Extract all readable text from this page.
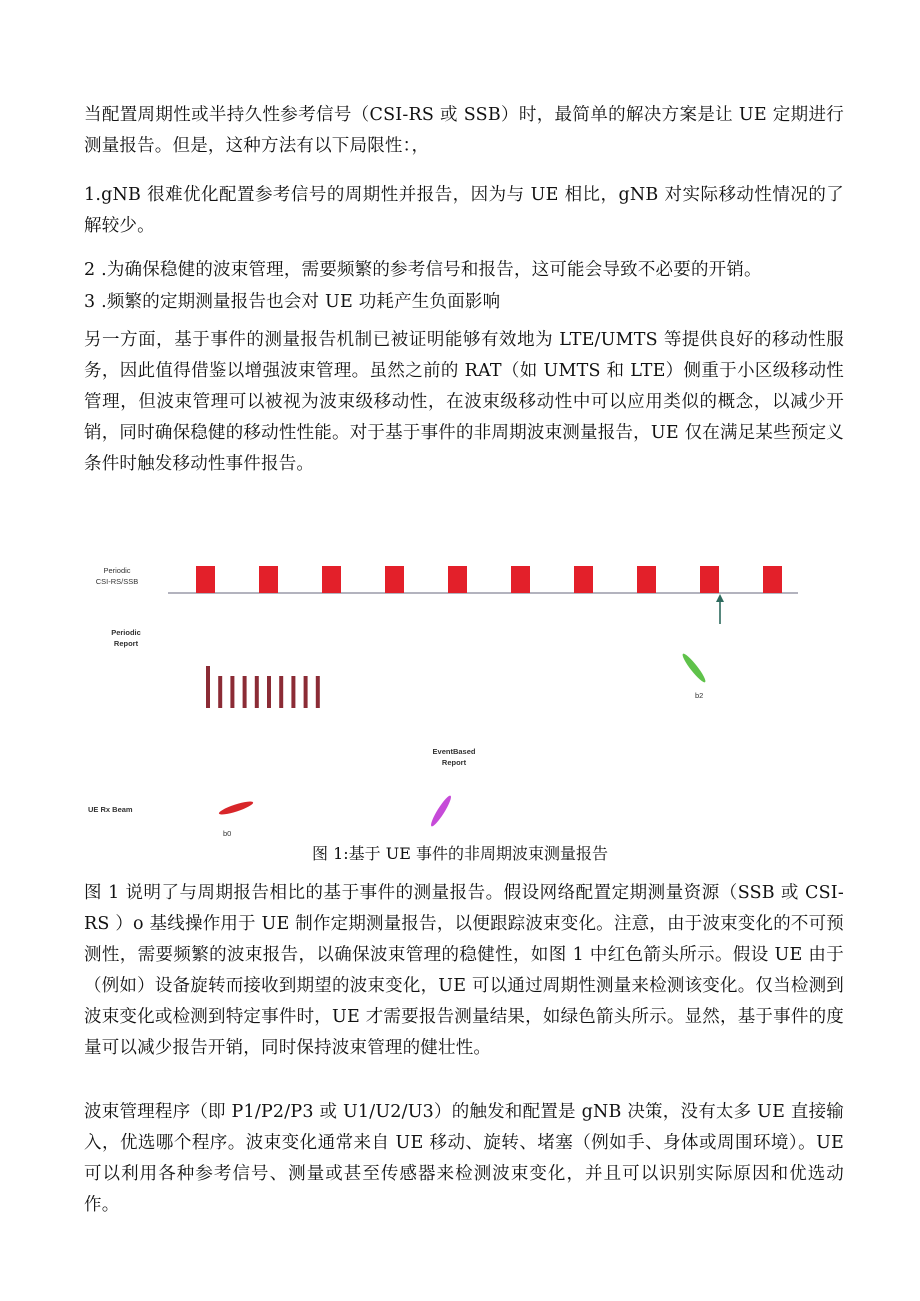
当配置周期性或半持久性参考信号（CSI-RS 或 SSB）时，最简单的解决方案是让 UE 定期进行测量报告。但是，这种方法有以下局限性：，

1.gNB 很难优化配置参考信号的周期性并报告，因为与 UE 相比，gNB 对实际移动性情况的了解较少。

2 .为确保稳健的波束管理，需要频繁的参考信号和报告，这可能会导致不必要的开销。

3 .频繁的定期测量报告也会对 UE 功耗产生负面影响

另一方面，基于事件的测量报告机制已被证明能够有效地为 LTE/UMTS 等提供良好的移动性服务，因此值得借鉴以增强波束管理。虽然之前的 RAT（如 UMTS 和 LTE）侧重于小区级移动性管理，但波束管理可以被视为波束级移动性，在波束级移动性中可以应用类似的概念，以减少开销，同时确保稳健的移动性性能。对于基于事件的非周期波束测量报告，UE 仅在满足某些预定义条件时触发移动性事件报告。

Periodic
CSI-RS/SSB
Periodic
Report
EventBased
Report
UE Rx Beam
b0
b2
图 1:基于 UE 事件的非周期波束测量报告

图 1 说明了与周期报告相比的基于事件的测量报告。假设网络配置定期测量资源（SSB 或 CSI-RS ）o 基线操作用于 UE 制作定期测量报告，以便跟踪波束变化。注意，由于波束变化的不可预测性，需要频繁的波束报告，以确保波束管理的稳健性，如图 1 中红色箭头所示。假设 UE 由于（例如）设备旋转而接收到期望的波束变化，UE 可以通过周期性测量来检测该变化。仅当检测到波束变化或检测到特定事件时，UE 才需要报告测量结果，如绿色箭头所示。显然，基于事件的度量可以减少报告开销，同时保持波束管理的健壮性。

波束管理程序（即 P1/P2/P3 或 U1/U2/U3）的触发和配置是 gNB 决策，没有太多 UE 直接输入，优选哪个程序。波束变化通常来自 UE 移动、旋转、堵塞（例如手、身体或周围环境）。UE 可以利用各种参考信号、测量或甚至传感器来检测波束变化，并且可以识别实际原因和优选动作。
